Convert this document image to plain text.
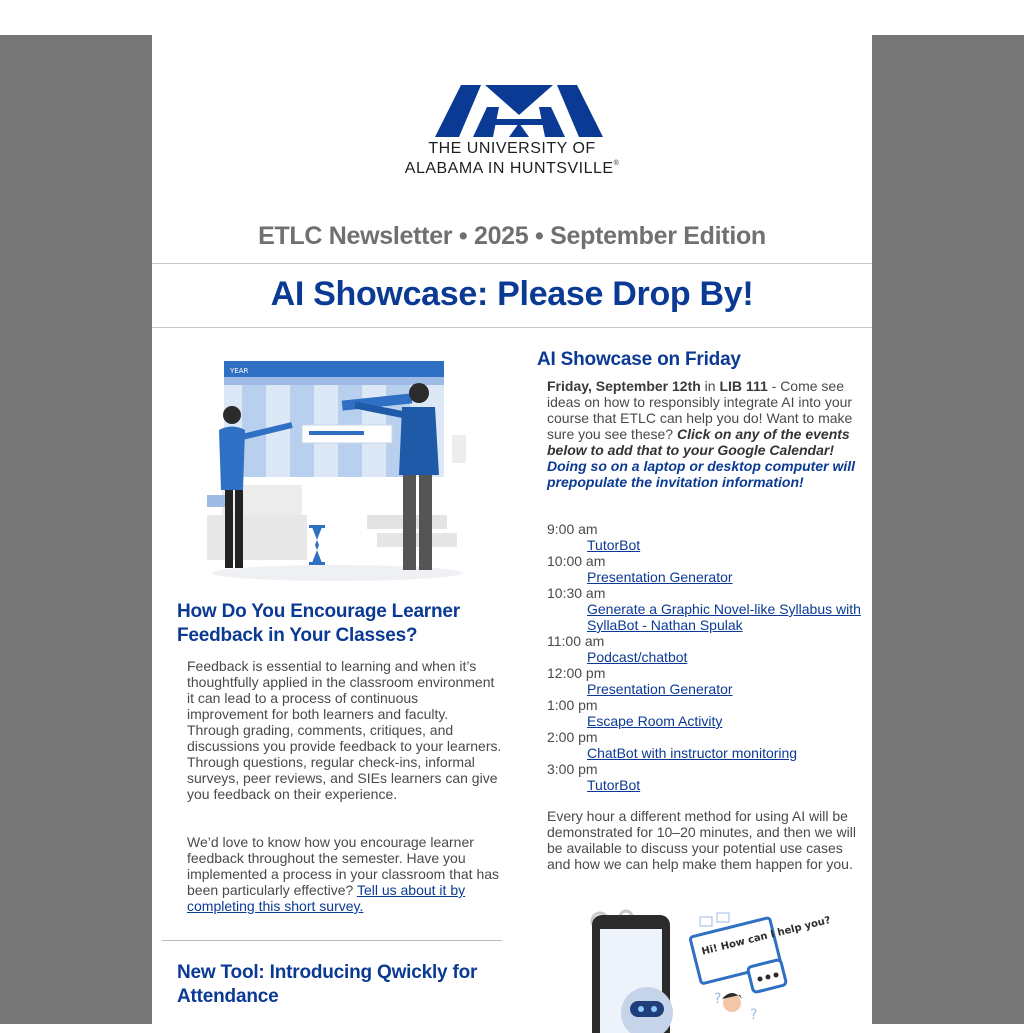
THE UNIVERSITY OF
ALABAMA IN HUNTSVILLE®
ETLC Newsletter • 2025 • September Edition
AI Showcase: Please Drop By!
YEAR
How Do You Encourage Learner Feedback in Your Classes?
Feedback is essential to learning and when it’s thoughtfully applied in the classroom environment it can lead to a process of continuous improvement for both learners and faculty. Through grading, comments, critiques, and discussions you provide feedback to your learners. Through questions, regular check-ins, informal surveys, peer reviews, and SIEs learners can give you feedback on their experience.
We’d love to know how you encourage learner feedback throughout the semester. Have you implemented a process in your classroom that has been particularly effective? Tell us about it by completing this short survey.
New Tool: Introducing Qwickly for Attendance
AI Showcase on Friday
Friday, September 12th in LIB 111 - Come see ideas on how to responsibly integrate AI into your course that ETLC can help you do! Want to make sure you see these? Click on any of the events below to add that to your Google Calendar! Doing so on a laptop or desktop computer will prepopulate the invitation information!
9:00 am
TutorBot
10:00 am
Presentation Generator
10:30 am
Generate a Graphic Novel-like Syllabus with SyllaBot - Nathan Spulak
11:00 am
Podcast/chatbot
12:00 pm
Presentation Generator
1:00 pm
Escape Room Activity
2:00 pm
ChatBot with instructor monitoring
3:00 pm
TutorBot
Every hour a different method for using AI will be demonstrated for 10–20 minutes, and then we will be available to discuss your potential use cases and how we can help make them happen for you.
Hi! How can I help you?
?
?
